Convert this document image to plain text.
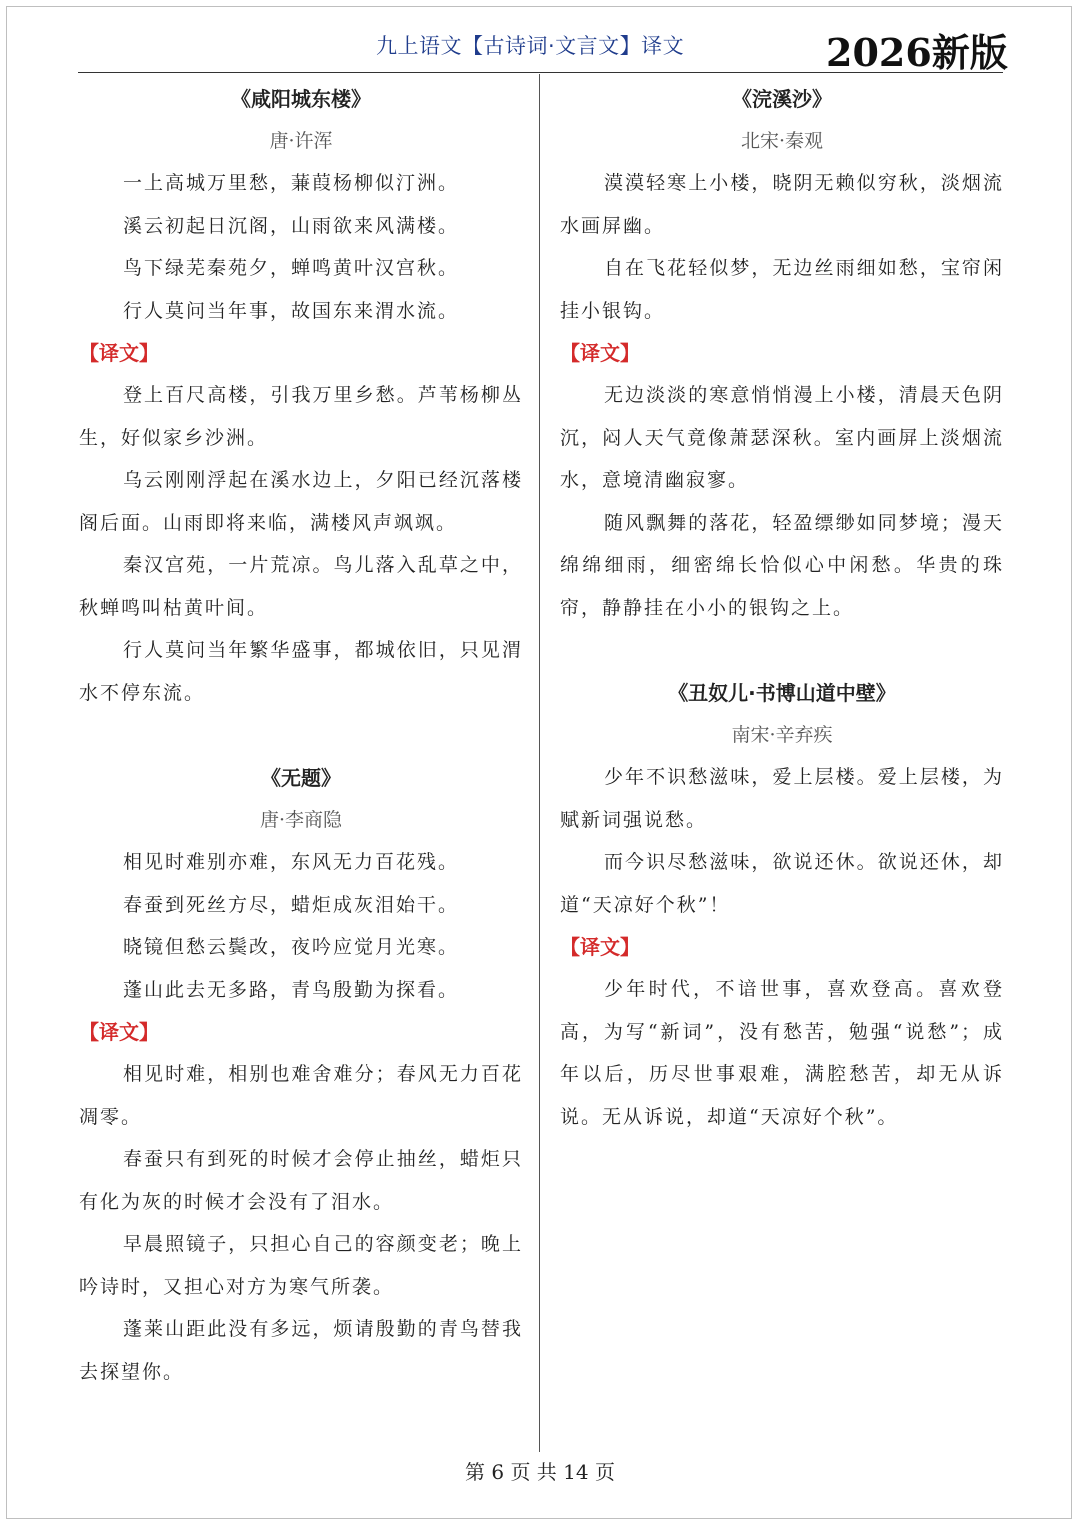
九上语文【古诗词·文言文】译文	2026新版
《咸阳城东楼》
唐·许浑
一上高城万里愁，蒹葭杨柳似汀洲。
溪云初起日沉阁，山雨欲来风满楼。
鸟下绿芜秦苑夕，蝉鸣黄叶汉宫秋。
行人莫问当年事，故国东来渭水流。
【译文】
登上百尺高楼，引我万里乡愁。芦苇杨柳丛生，好似家乡沙洲。
乌云刚刚浮起在溪水边上，夕阳已经沉落楼阁后面。山雨即将来临，满楼风声飒飒。
秦汉宫苑，一片荒凉。鸟儿落入乱草之中，秋蝉鸣叫枯黄叶间。
行人莫问当年繁华盛事，都城依旧，只见渭水不停东流。
《无题》
唐·李商隐
相见时难别亦难，东风无力百花残。
春蚕到死丝方尽，蜡炬成灰泪始干。
晓镜但愁云鬓改，夜吟应觉月光寒。
蓬山此去无多路，青鸟殷勤为探看。
【译文】
相见时难，相别也难舍难分；春风无力百花凋零。
春蚕只有到死的时候才会停止抽丝，蜡炬只有化为灰的时候才会没有了泪水。
早晨照镜子，只担心自己的容颜变老；晚上吟诗时，又担心对方为寒气所袭。
蓬莱山距此没有多远，烦请殷勤的青鸟替我去探望你。
《浣溪沙》
北宋·秦观
漠漠轻寒上小楼，晓阴无赖似穷秋，淡烟流水画屏幽。
自在飞花轻似梦，无边丝雨细如愁，宝帘闲挂小银钩。
【译文】
无边淡淡的寒意悄悄漫上小楼，清晨天色阴沉，闷人天气竟像萧瑟深秋。室内画屏上淡烟流水，意境清幽寂寥。
随风飘舞的落花，轻盈缥缈如同梦境；漫天绵绵细雨，细密绵长恰似心中闲愁。华贵的珠帘，静静挂在小小的银钩之上。
《丑奴儿·书博山道中壁》
南宋·辛弃疾
少年不识愁滋味，爱上层楼。爱上层楼，为赋新词强说愁。
而今识尽愁滋味，欲说还休。欲说还休，却道“天凉好个秋”！
【译文】
少年时代，不谙世事，喜欢登高。喜欢登高，为写“新词”，没有愁苦，勉强“说愁”；成年以后，历尽世事艰难，满腔愁苦，却无从诉说。无从诉说，却道“天凉好个秋”。
第 6 页 共 14 页
